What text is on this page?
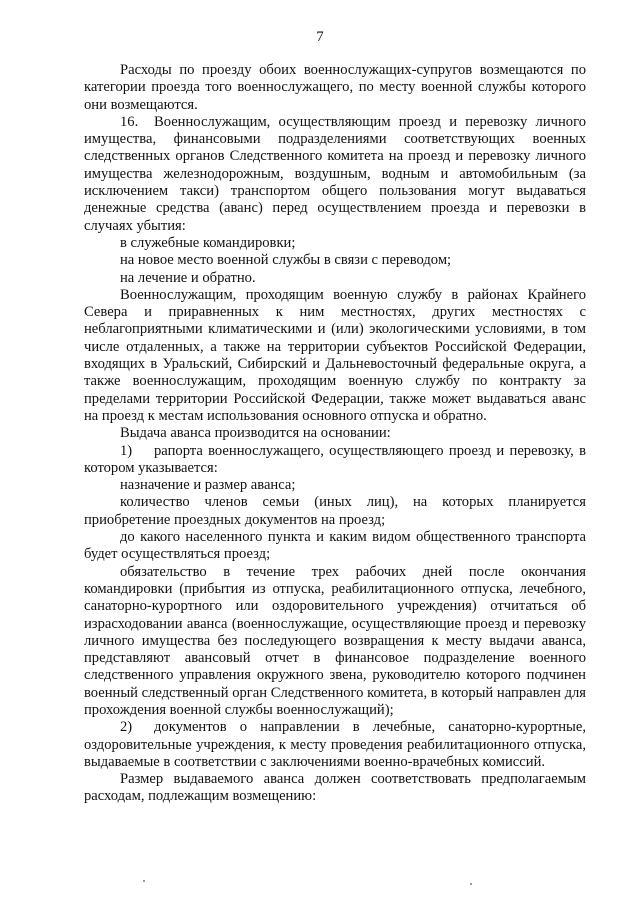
7

Расходы по проезду обоих военнослужащих-супругов возмещаются по категории проезда того военнослужащего, по месту военной службы которого они возмещаются.

16. Военнослужащим, осуществляющим проезд и перевозку личного имущества, финансовыми подразделениями соответствующих военных следственных органов Следственного комитета на проезд и перевозку личного имущества железнодорожным, воздушным, водным и автомобильным (за исключением такси) транспортом общего пользования могут выдаваться денежные средства (аванс) перед осуществлением проезда и перевозки в случаях убытия:

в служебные командировки;

на новое место военной службы в связи с переводом;

на лечение и обратно.

Военнослужащим, проходящим военную службу в районах Крайнего Севера и приравненных к ним местностях, других местностях с неблагоприятными климатическими и (или) экологическими условиями, в том числе отдаленных, а также на территории субъектов Российской Федерации, входящих в Уральский, Сибирский и Дальневосточный федеральные округа, а также военнослужащим, проходящим военную службу по контракту за пределами территории Российской Федерации, также может выдаваться аванс на проезд к местам использования основного отпуска и обратно.

Выдача аванса производится на основании:

1) рапорта военнослужащего, осуществляющего проезд и перевозку, в котором указывается:

назначение и размер аванса;

количество членов семьи (иных лиц), на которых планируется приобретение проездных документов на проезд;

до какого населенного пункта и каким видом общественного транспорта будет осуществляться проезд;

обязательство в течение трех рабочих дней после окончания командировки (прибытия из отпуска, реабилитационного отпуска, лечебного, санаторно-курортного или оздоровительного учреждения) отчитаться об израсходовании аванса (военнослужащие, осуществляющие проезд и перевозку личного имущества без последующего возвращения к месту выдачи аванса, представляют авансовый отчет в финансовое подразделение военного следственного управления окружного звена, руководителю которого подчинен военный следственный орган Следственного комитета, в который направлен для прохождения военной службы военнослужащий);

2) документов о направлении в лечебные, санаторно-курортные, оздоровительные учреждения, к месту проведения реабилитационного отпуска, выдаваемые в соответствии с заключениями военно-врачебных комиссий.

Размер выдаваемого аванса должен соответствовать предполагаемым расходам, подлежащим возмещению:
